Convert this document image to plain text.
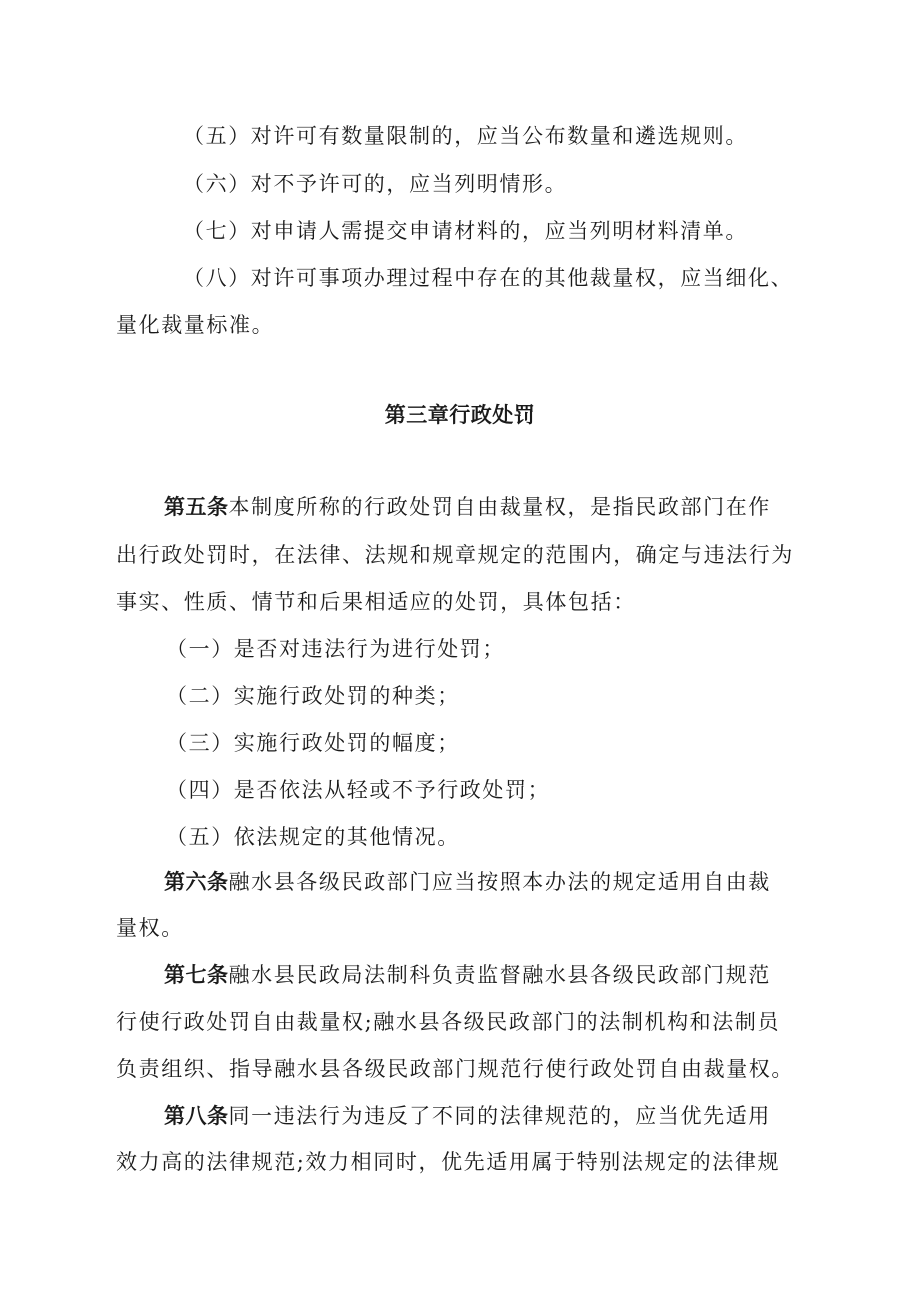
（五）对许可有数量限制的，应当公布数量和遴选规则。
（六）对不予许可的，应当列明情形。
（七）对申请人需提交申请材料的，应当列明材料清单。
（八）对许可事项办理过程中存在的其他裁量权，应当细化、
量化裁量标准。
第三章行政处罚
第五条本制度所称的行政处罚自由裁量权，是指民政部门在作
出行政处罚时，在法律、法规和规章规定的范围内，确定与违法行为
事实、性质、情节和后果相适应的处罚，具体包括：
（一）是否对违法行为进行处罚；
（二）实施行政处罚的种类；
（三）实施行政处罚的幅度；
（四）是否依法从轻或不予行政处罚；
（五）依法规定的其他情况。
第六条融水县各级民政部门应当按照本办法的规定适用自由裁
量权。
第七条融水县民政局法制科负责监督融水县各级民政部门规范
行使行政处罚自由裁量权;融水县各级民政部门的法制机构和法制员
负责组织、指导融水县各级民政部门规范行使行政处罚自由裁量权。
第八条同一违法行为违反了不同的法律规范的，应当优先适用
效力高的法律规范;效力相同时，优先适用属于特别法规定的法律规
